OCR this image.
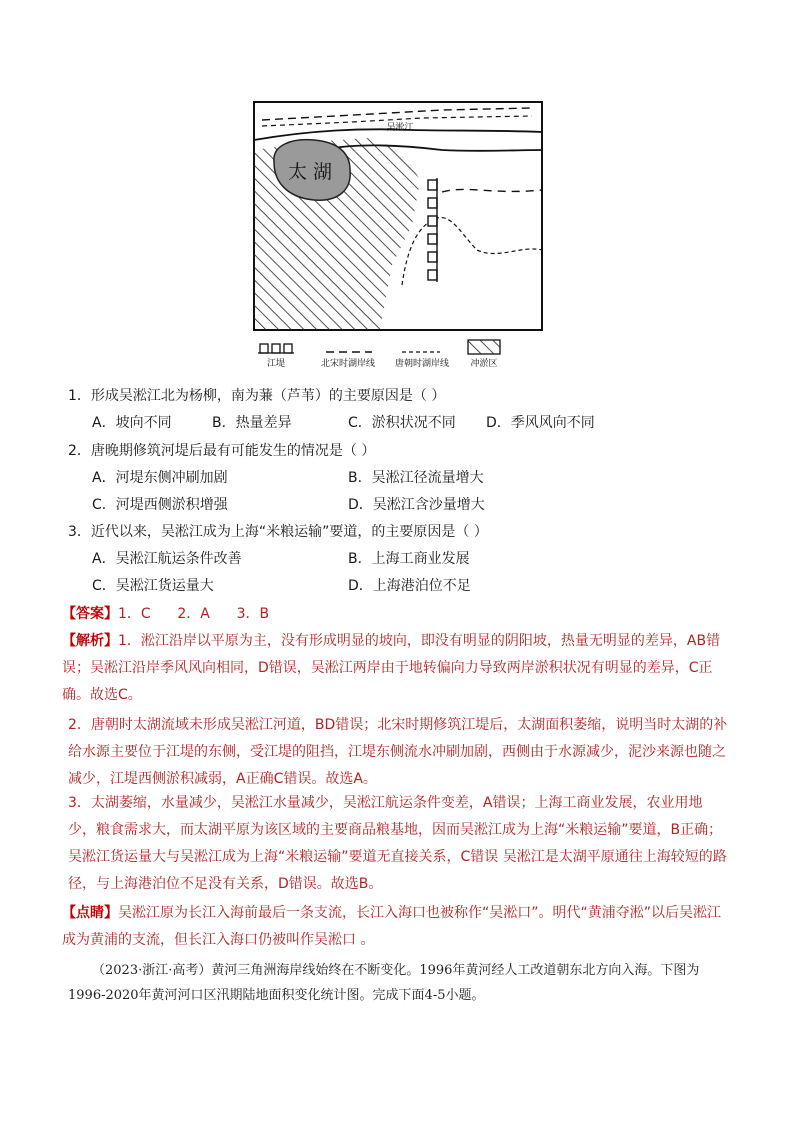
太 湖
吴淞江
江堤	北宋时湖岸线 唐朝时湖岸线 冲淤区
1．形成吴淞江北为杨柳，南为蒹（芦苇）的主要原因是（ ）
A．坡向不同	B．热量差异	C．淤积状况不同 D．季风风向不同
2．唐晚期修筑河堤后最有可能发生的情况是（ ）
A．河堤东侧冲刷加剧	B．吴淞江径流量增大
C．河堤西侧淤积增强	D．吴淞江含沙量增大
3．近代以来，吴淞江成为上海“米粮运输”要道，的主要原因是（ ）
A．吴淞江航运条件改善	B．上海工商业发展
C．吴淞江货运量大	D．上海港泊位不足
【答案】1．C      2．A      3．B

【解析】1．淞江沿岸以平原为主，没有形成明显的坡向，即没有明显的阴阳坡，热量无明显的差异，AB错误；吴淞江沿岸季风风向相同，D错误，吴淞江两岸由于地转偏向力导致两岸淤积状况有明显的差异，C正确。故选C。

2．唐朝时太湖流域未形成吴淞江河道，BD错误；北宋时期修筑江堤后，太湖面积萎缩，说明当时太湖的补给水源主要位于江堤的东侧，受江堤的阻挡，江堤东侧流水冲刷加剧，西侧由于水源减少，泥沙来源也随之减少，江堤西侧淤积减弱，A正确C错误。故选A。
3．太湖萎缩，水量减少，吴淞江水量减少，吴淞江航运条件变差，A错误；上海工商业发展，农业用地少，粮食需求大，而太湖平原为该区域的主要商品粮基地，因而吴淞江成为上海“米粮运输”要道，B正确；吴淞江货运量大与吴淞江成为上海“米粮运输”要道无直接关系，C错误 吴淞江是太湖平原通往上海较短的路径，与上海港泊位不足没有关系，D错误。故选B。

【点睛】吴淞江原为长江入海前最后一条支流，长江入海口也被称作“吴淞口”。明代“黄浦夺淞”以后吴淞江成为黄浦的支流，但长江入海口仍被叫作吴淞口 。

（2023·浙江·高考）黄河三角洲海岸线始终在不断变化。1996年黄河经人工改道朝东北方向入海。下图为1996-2020年黄河河口区汛期陆地面积变化统计图。完成下面4-5小题。
